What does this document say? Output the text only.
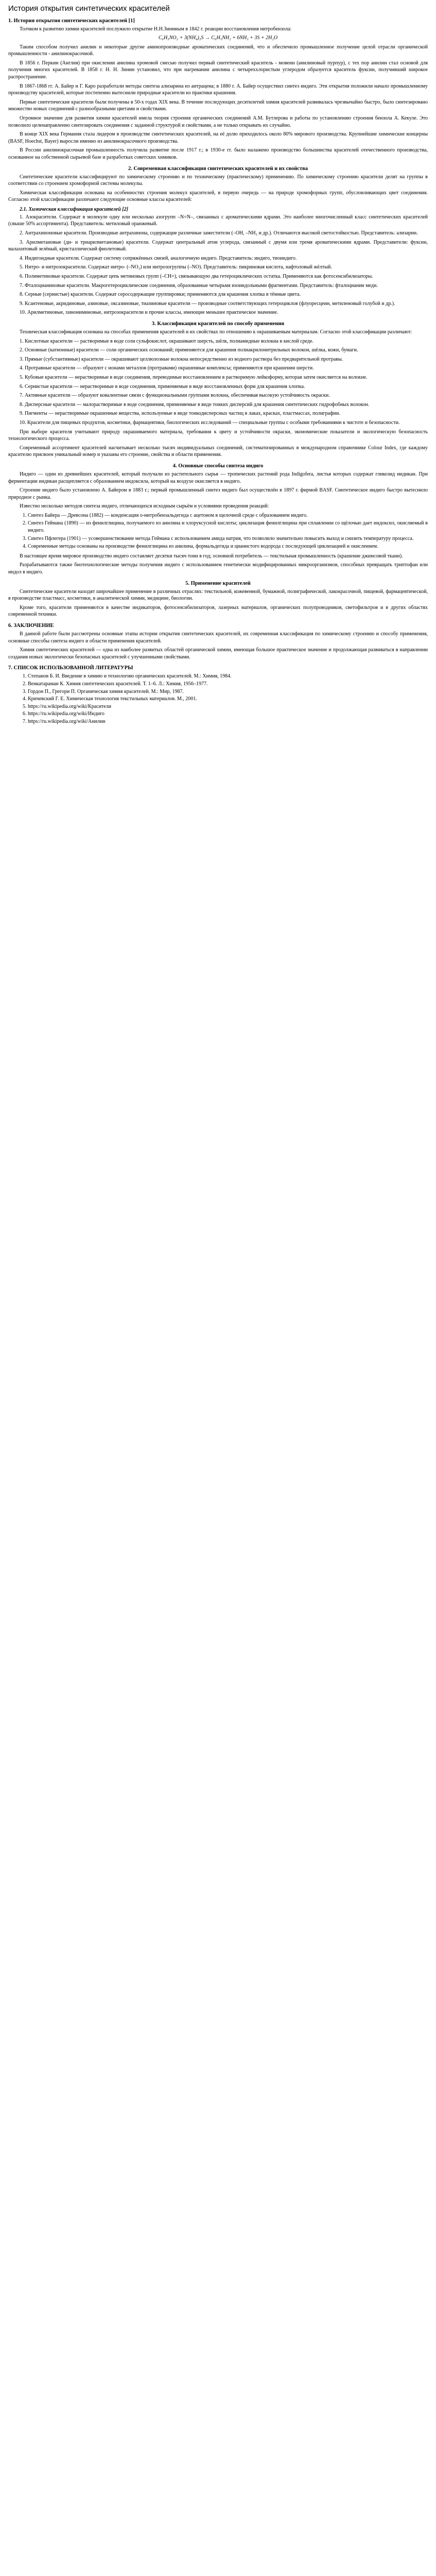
История открытия синтетических красителей
1. История открытия синтетических красителей [1]

Толчком к развитию химии красителей послужило открытие Н.Н.Зининым в 1842 г. реакции восстановления нитробензола:

C₆H₅NO₂ + 3(NH₄)₂S → C₆H₅NH₂ + 6NH₃ + 3S + 2H₂O

Таким способом получил анилин и некоторые другие аминопроизводные ароматических соединений, что и обеспечило промышленное получение целой отрасли органической промышленности - анилинокрасочной.

В 1856 г. Перкин (Англия) при окислении анилина хромовой смесью получил первый синтетический краситель - мовеин (анилиновый пурпур), с тех пор анилин стал основой для получения многих красителей. В 1858 г. Н. Н. Зинин установил, что при нагревании анилина с четыреххлористым углеродом образуется краситель фуксин, получивший широкое распространение.

В 1867-1868 гг. А. Байер и Г. Каро разработали методы синтеза ализарина из антрацена; в 1880 г. А. Байер осуществил синтез индиго. Эти открытия положили начало промышленному производству красителей, которые постепенно вытеснили природные красители из практики крашения.

Первые синтетические красители были получены в 50-х годах XIX века. В течение последующих десятилетий химия красителей развивалась чрезвычайно быстро, было синтезировано множество новых соединений с разнообразными цветами и свойствами.

Огромное значение для развития химии красителей имела теория строения органических соединений А.М. Бутлерова и работы по установлению строения бензола А. Кекуле. Это позволило целенаправленно синтезировать соединения с заданной структурой и свойствами, а не только открывать их случайно.

В конце XIX века Германия стала лидером в производстве синтетических красителей, на её долю приходилось около 80% мирового производства. Крупнейшие химические концерны (BASF, Hoechst, Bayer) выросли именно из анилинокрасочного производства.

В России анилинокрасочная промышленность получила развитие после 1917 г.; в 1930-е гг. было налажено производство большинства красителей отечественного производства, основанное на собственной сырьевой базе и разработках советских химиков.

2. Современная классификация синтетических красителей и их свойства

Синтетические красители классифицируют по химическому строению и по техническому (практическому) применению. По химическому строению красители делят на группы в соответствии со строением хромофорной системы молекулы.

Химическая классификация основана на особенностях строения молекул красителей, в первую очередь — на природе хромофорных групп, обусловливающих цвет соединения. Согласно этой классификации различают следующие основные классы красителей:

2.1. Химическая классификация красителей [2]

1. Азокрасители. Содержат в молекуле одну или несколько азогрупп –N=N–, связанных с ароматическими ядрами. Это наиболее многочисленный класс синтетических красителей (свыше 50% ассортимента). Представитель: метиловый оранжевый.

2. Антрахиноновые красители. Производные антрахинона, содержащие различные заместители (–OH, –NH₂ и др.). Отличаются высокой светостойкостью. Представитель: ализарин.

3. Арилметановые (ди- и триарилметановые) красители. Содержат центральный атом углерода, связанный с двумя или тремя ароматическими ядрами. Представители: фуксин, малахитовый зелёный, кристаллический фиолетовый.

4. Индигоидные красители. Содержат систему сопряжённых связей, аналогичную индиго. Представитель: индиго, тиоиндиго.

5. Нитро- и нитрозокрасители. Содержат нитро- (–NO₂) или нитрозогруппы (–NO). Представитель: пикриновая кислота, нафтоловый жёлтый.

6. Полиметиновые красители. Содержат цепь метиновых групп (–CH=), связывающую два гетероциклических остатка. Применяются как фотосенсибилизаторы.

7. Фталоцианиновые красители. Макрогетероциклические соединения, образованные четырьмя изоиндольными фрагментами. Представитель: фталоцианин меди.

8. Серные (сернистые) красители. Содержат серосодержащие группировки; применяются для крашения хлопка в тёмные цвета.

9. Ксантеновые, акридиновые, азиновые, оксазиновые, тиазиновые красители — производные соответствующих гетероциклов (флуоресцеин, метиленовый голубой и др.).

10. Арилметиновые, хинониминовые, нитрозокрасители и прочие классы, имеющие меньшее практическое значение.

3. Классификация красителей по способу применения

Техническая классификация основана на способах применения красителей и их свойствах по отношению к окрашиваемым материалам. Согласно этой классификации различают:

1. Кислотные красители — растворимые в воде соли сульфокислот, окрашивают шерсть, шёлк, полиамидные волокна в кислой среде.

2. Основные (катионные) красители — соли органических оснований; применяются для крашения полиакрилонитрильных волокон, шёлка, кожи, бумаги.

3. Прямые (субстантивные) красители — окрашивают целлюлозные волокна непосредственно из водного раствора без предварительной протравы.

4. Протравные красители — образуют с ионами металлов (протравами) окрашенные комплексы; применяются при крашении шерсти.

5. Кубовые красители — нерастворимые в воде соединения, переводимые восстановлением в растворимую лейкоформу, которая затем окисляется на волокне.

6. Сернистые красители — нерастворимые в воде соединения, применяемые в виде восстановленных форм для крашения хлопка.

7. Активные красители — образуют ковалентные связи с функциональными группами волокна, обеспечивая высокую устойчивость окраски.

8. Дисперсные красители — малорастворимые в воде соединения, применяемые в виде тонких дисперсий для крашения синтетических гидрофобных волокон.

9. Пигменты — нерастворимые окрашенные вещества, используемые в виде тонкодисперсных частиц в лаках, красках, пластмассах, полиграфии.

10. Красители для пищевых продуктов, косметики, фармацевтики, биологических исследований — специальные группы с особыми требованиями к чистоте и безопасности.

При выборе красителя учитывают природу окрашиваемого материала, требования к цвету и устойчивости окраски, экономические показатели и экологическую безопасность технологического процесса.

Современный ассортимент красителей насчитывает несколько тысяч индивидуальных соединений, систематизированных в международном справочнике Colour Index, где каждому красителю присвоен уникальный номер и указаны его строение, свойства и области применения.

4. Основные способы синтеза индиго

Индиго — один из древнейших красителей, который получали из растительного сырья — тропических растений рода Indigofera, листья которых содержат гликозид индикан. При ферментации индикан расщепляется с образованием индоксила, который на воздухе окисляется в индиго.

Строение индиго было установлено А. Байером в 1883 г.; первый промышленный синтез индиго был осуществлён в 1897 г. фирмой BASF. Синтетическое индиго быстро вытеснило природное с рынка.

Известно несколько методов синтеза индиго, отличающихся исходным сырьём и условиями проведения реакций:

1. Синтез Байера — Древсона (1882) — конденсация о-нитробензальдегида с ацетоном в щелочной среде с образованием индиго.
2. Синтез Геймана (1890) — из фенилглицина, получаемого из анилина и хлоруксусной кислоты; циклизация фенилглицина при сплавлении со щёлочью дает индоксил, окисляемый в индиго.
3. Синтез Пфлегера (1901) — усовершенствование метода Геймана с использованием амида натрия, что позволило значительно повысить выход и снизить температуру процесса.
4. Современные методы основаны на производстве фенилглицина из анилина, формальдегида и цианистого водорода с последующей циклизацией и окислением.

В настоящее время мировое производство индиго составляет десятки тысяч тонн в год; основной потребитель — текстильная промышленность (крашение джинсовой ткани).

Разрабатываются также биотехнологические методы получения индиго с использованием генетически модифицированных микроорганизмов, способных превращать триптофан или индол в индиго.

5. Применение красителей

Синтетические красители находят широчайшее применение в различных отраслях: текстильной, кожевенной, бумажной, полиграфической, лакокрасочной, пищевой, фармацевтической, в производстве пластмасс, косметики, в аналитической химии, медицине, биологии.

Кроме того, красители применяются в качестве индикаторов, фотосенсибилизаторов, лазерных материалов, органических полупроводников, светофильтров и в других областях современной техники.

6. ЗАКЛЮЧЕНИЕ

В данной работе были рассмотрены основные этапы истории открытия синтетических красителей, их современная классификация по химическому строению и способу применения, основные способы синтеза индиго и области применения красителей.

Химия синтетических красителей — одна из наиболее развитых областей органической химии, имеющая большое практическое значение и продолжающая развиваться в направлении создания новых экологически безопасных красителей с улучшенными свойствами.

7. СПИСОК ИСПОЛЬЗОВАННОЙ ЛИТЕРАТУРЫ
1. Степанов Б. И. Введение в химию и технологию органических красителей. М.: Химия, 1984.
2. Венкатараман К. Химия синтетических красителей. Т. 1–6. Л.: Химия, 1956–1977.
3. Гордон П., Грегори П. Органическая химия красителей. М.: Мир, 1987.
4. Кричевский Г. Е. Химическая технология текстильных материалов. М., 2001.
5. https://ru.wikipedia.org/wiki/Красители
6. https://ru.wikipedia.org/wiki/Индиго
7. https://ru.wikipedia.org/wiki/Анилин
